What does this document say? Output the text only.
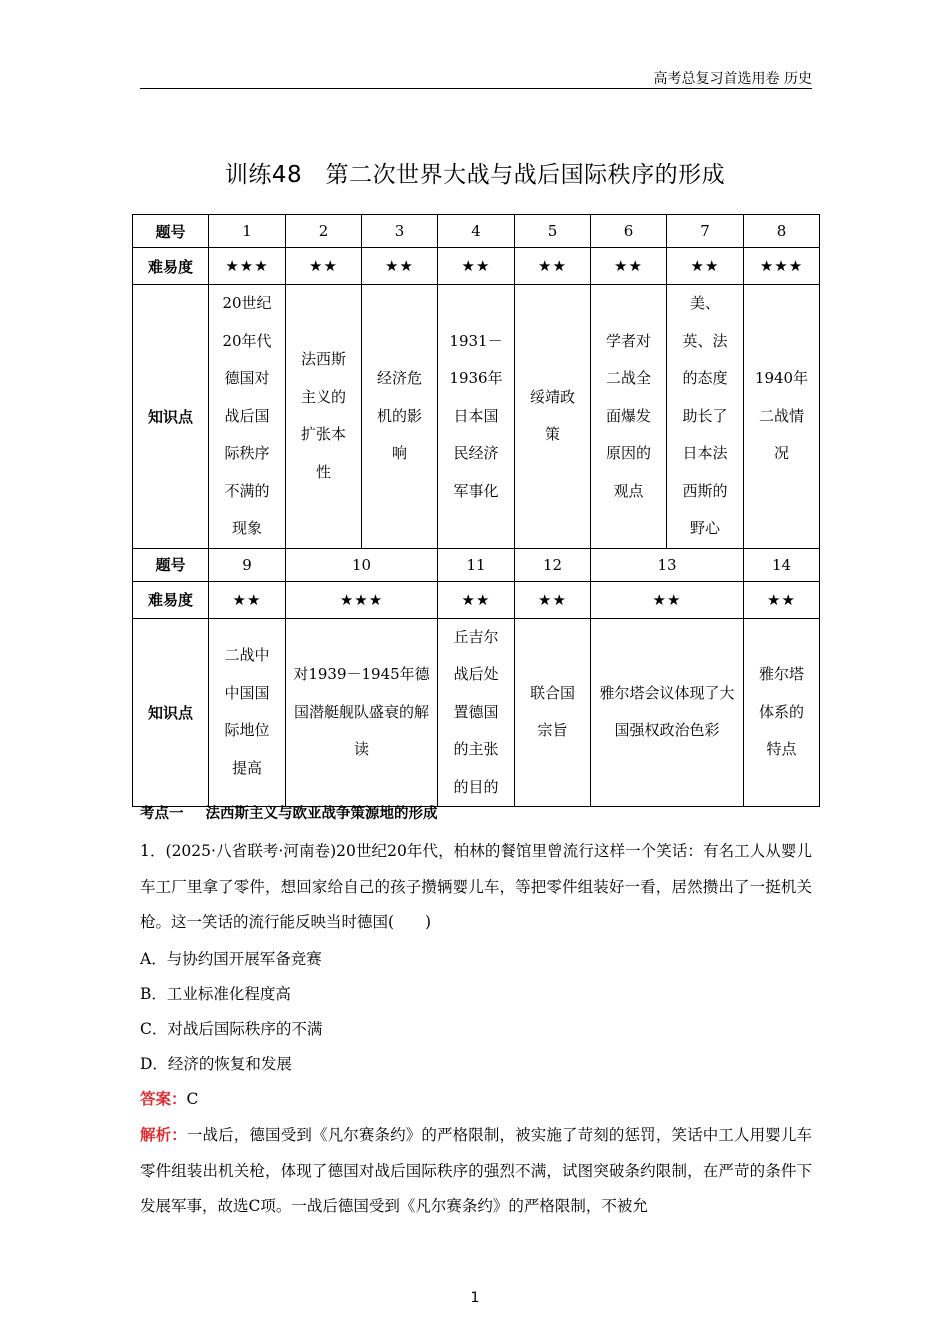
高考总复习首选用卷 历史
训练48　第二次世界大战与战后国际秩序的形成
题号	1	2	3	4	5	6	7	8
难易度	★★★	★★	★★	★★	★★	★★	★★	★★★
知识点	20世纪20年代德国对战后国际秩序不满的现象	法西斯主义的扩张本性	经济危机的影响	1931－1936年日本国民经济军事化	绥靖政策	学者对二战全面爆发原因的观点	美、英、法的态度助长了日本法西斯的野心	1940年二战情况
题号	9	10		11	12	13		14
难易度	★★	★★★		★★	★★	★★		★★
知识点	二战中中国国际地位提高	对1939－1945年德国潜艇舰队盛衰的解读		丘吉尔战后处置德国的主张的目的	联合国宗旨	雅尔塔会议体现了大国强权政治色彩		雅尔塔体系的特点
考点一 法西斯主义与欧亚战争策源地的形成
1．(2025·八省联考·河南卷)20世纪20年代，柏林的餐馆里曾流行这样一个笑话：有名工人从婴儿车工厂里拿了零件，想回家给自己的孩子攒辆婴儿车，等把零件组装好一看，居然攒出了一挺机关枪。这一笑话的流行能反映当时德国(　　)
A．与协约国开展军备竞赛
B．工业标准化程度高
C．对战后国际秩序的不满
D．经济的恢复和发展
答案：C
解析：一战后，德国受到《凡尔赛条约》的严格限制，被实施了苛刻的惩罚，笑话中工人用婴儿车零件组装出机关枪，体现了德国对战后国际秩序的强烈不满，试图突破条约限制，在严苛的条件下发展军事，故选C项。一战后德国受到《凡尔赛条约》的严格限制，不被允
1
